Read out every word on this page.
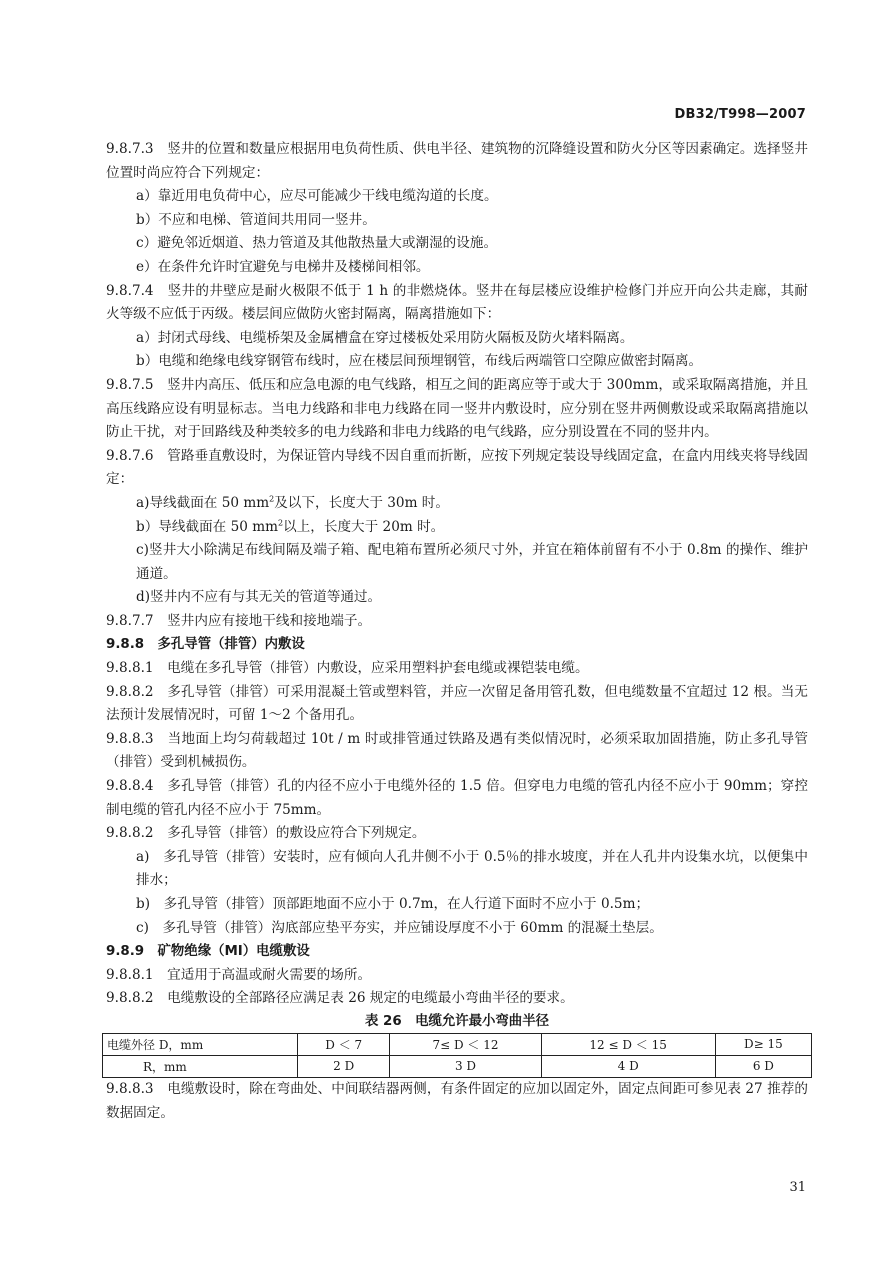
DB32/T998—2007

9.8.7.3　竖井的位置和数量应根据用电负荷性质、供电半径、建筑物的沉降缝设置和防火分区等因素确定。选择竖井位置时尚应符合下列规定：

a）靠近用电负荷中心，应尽可能减少干线电缆沟道的长度。

b）不应和电梯、管道间共用同一竖井。

c）避免邻近烟道、热力管道及其他散热量大或潮湿的设施。

e）在条件允许时宜避免与电梯井及楼梯间相邻。

9.8.7.4　竖井的井壁应是耐火极限不低于 1 h 的非燃烧体。竖井在每层楼应设维护检修门并应开向公共走廊，其耐火等级不应低于丙级。楼层间应做防火密封隔离，隔离措施如下：

a）封闭式母线、电缆桥架及金属槽盒在穿过楼板处采用防火隔板及防火堵料隔离。

b）电缆和绝缘电线穿钢管布线时，应在楼层间预埋钢管，布线后两端管口空隙应做密封隔离。

9.8.7.5　竖井内高压、低压和应急电源的电气线路，相互之间的距离应等于或大于 300mm，或采取隔离措施，并且高压线路应设有明显标志。当电力线路和非电力线路在同一竖井内敷设时，应分别在竖井两侧敷设或采取隔离措施以防止干扰，对于回路线及种类较多的电力线路和非电力线路的电气线路，应分别设置在不同的竖井内。

9.8.7.6　管路垂直敷设时，为保证管内导线不因自重而折断，应按下列规定装设导线固定盒，在盒内用线夹将导线固定：

a)导线截面在 50 $mm^2$及以下，长度大于 30m 时。

b）导线截面在 50 $mm^2$以上，长度大于 20m 时。

c)竖井大小除满足布线间隔及端子箱、配电箱布置所必须尺寸外，并宜在箱体前留有不小于 0.8m 的操作、维护通道。

d)竖井内不应有与其无关的管道等通过。

9.8.7.7　竖井内应有接地干线和接地端子。

9.8.8　多孔导管（排管）内敷设

9.8.8.1　电缆在多孔导管（排管）内敷设，应采用塑料护套电缆或裸铠装电缆。

9.8.8.2　多孔导管（排管）可采用混凝土管或塑料管，并应一次留足备用管孔数，但电缆数量不宜超过 12 根。当无法预计发展情况时，可留 1～2 个备用孔。

9.8.8.3　当地面上均匀荷载超过 10t / m 时或排管通过铁路及遇有类似情况时，必须采取加固措施，防止多孔导管（排管）受到机械损伤。

9.8.8.4　多孔导管（排管）孔的内径不应小于电缆外径的 1.5 倍。但穿电力电缆的管孔内径不应小于 90mm；穿控制电缆的管孔内径不应小于 75mm。

9.8.8.2　多孔导管（排管）的敷设应符合下列规定。

a)　多孔导管（排管）安装时，应有倾向人孔井侧不小于 0.5％的排水坡度，并在人孔井内设集水坑，以便集中排水；

b)　多孔导管（排管）顶部距地面不应小于 0.7m，在人行道下面时不应小于 0.5m；

c)　多孔导管（排管）沟底部应垫平夯实，并应铺设厚度不小于 60mm 的混凝土垫层。

9.8.9　矿物绝缘（MI）电缆敷设

9.8.8.1　宜适用于高温或耐火需要的场所。

9.8.8.2　电缆敷设的全部路径应满足表 26 规定的电缆最小弯曲半径的要求。

表 26　电缆允许最小弯曲半径

电缆外径 D，mm	D ＜ 7	7≤ D ＜ 12	12 ≤ D ＜ 15	D≥ 15
R，mm	2 D	3 D	4 D	6 D

9.8.8.3　电缆敷设时，除在弯曲处、中间联结器两侧，有条件固定的应加以固定外，固定点间距可参见表 27 推荐的数据固定。

31
